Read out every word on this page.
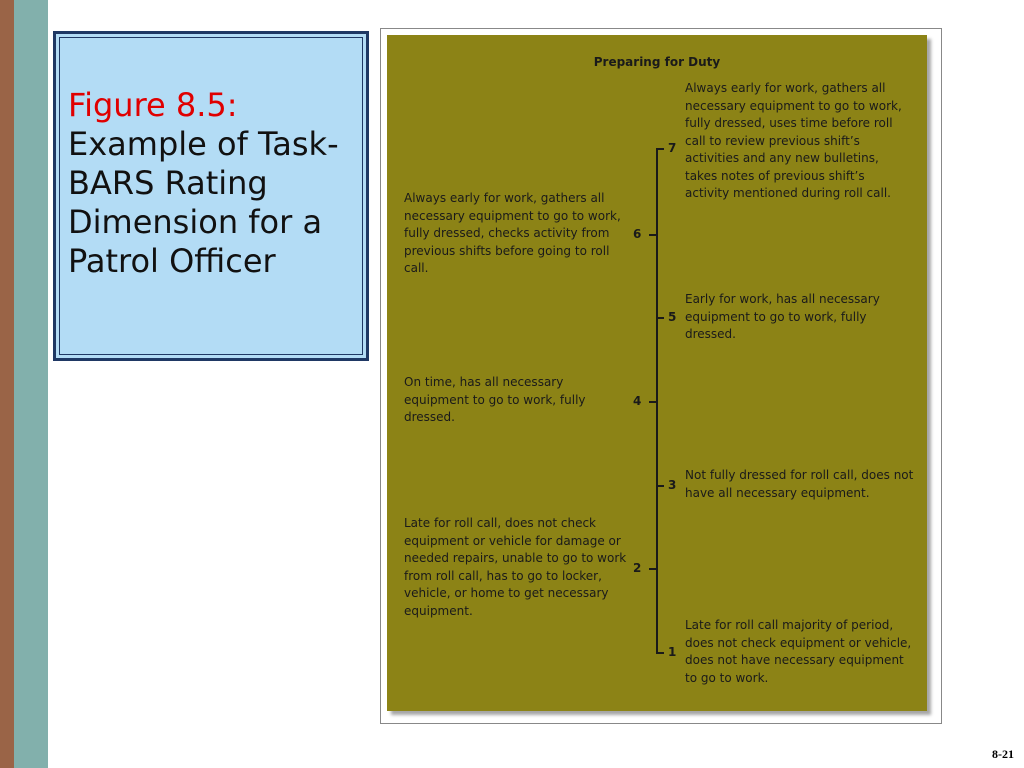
Figure 8.5:
Example of Task- BARS Rating Dimension for a Patrol Officer
Preparing for Duty
7
Always early for work, gathers all necessary equipment to go to work, fully dressed, uses time before roll call to review previous shift’s activities and any new bulletins, takes notes of previous shift’s activity mentioned during roll call.
6
Always early for work, gathers all necessary equipment to go to work, fully dressed, checks activity from previous shifts before going to roll call.
5
Early for work, has all necessary equipment to go to work, fully dressed.
4
On time, has all necessary equipment to go to work, fully dressed.
3
Not fully dressed for roll call, does not have all necessary equipment.
2
Late for roll call, does not check equipment or vehicle for damage or needed repairs, unable to go to work from roll call, has to go to locker, vehicle, or home to get necessary equipment.
1
Late for roll call majority of period, does not check equipment or vehicle, does not have necessary equipment to go to work.
8-21
